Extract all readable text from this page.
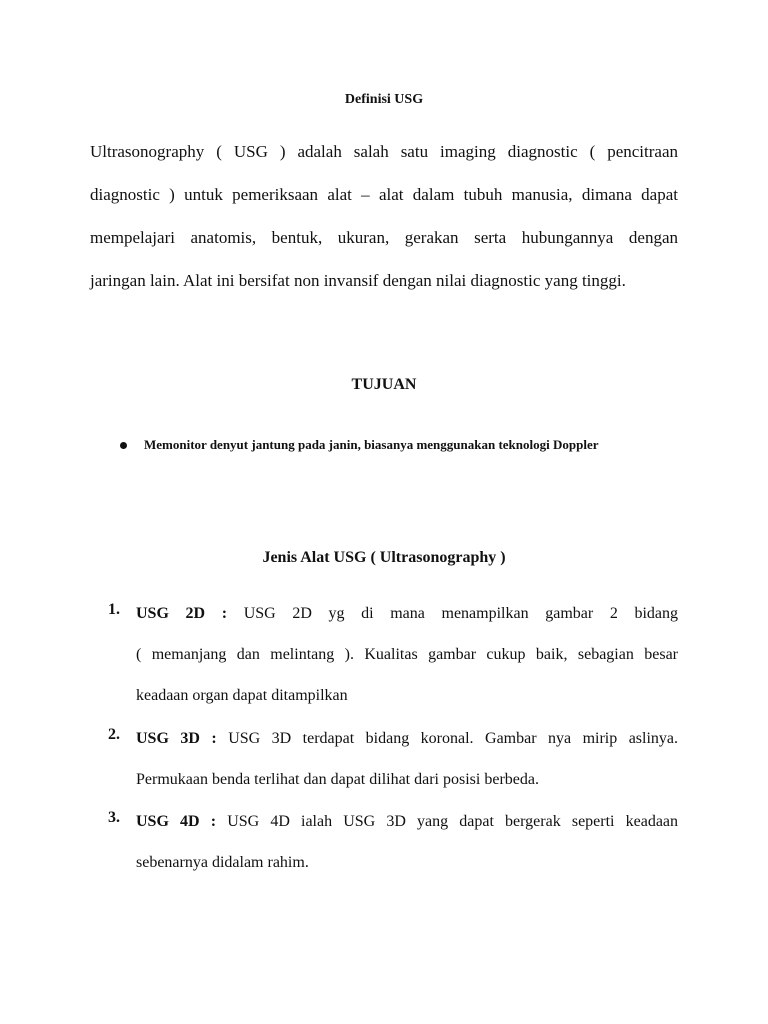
Definisi USG
Ultrasonography ( USG ) adalah salah satu imaging diagnostic ( pencitraan
diagnostic ) untuk pemeriksaan alat – alat dalam tubuh manusia, dimana dapat
mempelajari anatomis, bentuk, ukuran, gerakan serta hubungannya dengan
jaringan lain. Alat ini bersifat non invansif dengan nilai diagnostic yang tinggi.
TUJUAN
Memonitor denyut jantung pada janin, biasanya menggunakan teknologi Doppler
Jenis Alat USG ( Ultrasonography )
1. USG 2D : USG 2D yg di mana menampilkan gambar 2 bidang
( memanjang dan melintang ). Kualitas gambar cukup baik, sebagian besar
keadaan organ dapat ditampilkan
2. USG 3D : USG 3D terdapat bidang koronal. Gambar nya mirip aslinya.
Permukaan benda terlihat dan dapat dilihat dari posisi berbeda.
3. USG 4D : USG 4D ialah USG 3D yang dapat bergerak seperti keadaan
sebenarnya didalam rahim.
